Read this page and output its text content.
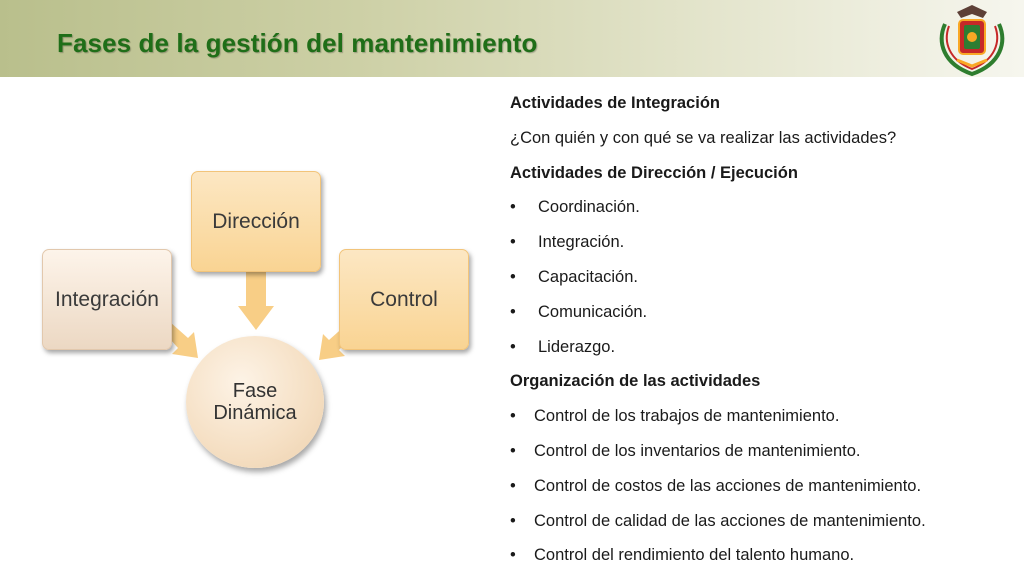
Fases de la gestión del mantenimiento
Integración
Dirección
Control
Fase Dinámica
Actividades de Integración
¿Con quién y con qué se va realizar las actividades?
Actividades de Dirección / Ejecución
• Coordinación.
• Integración.
• Capacitación.
• Comunicación.
• Liderazgo.
Organización de las actividades
• Control de los trabajos de mantenimiento.
• Control de los inventarios de mantenimiento.
• Control de costos de las acciones de mantenimiento.
• Control de calidad de las acciones de mantenimiento.
• Control del rendimiento del talento humano.
